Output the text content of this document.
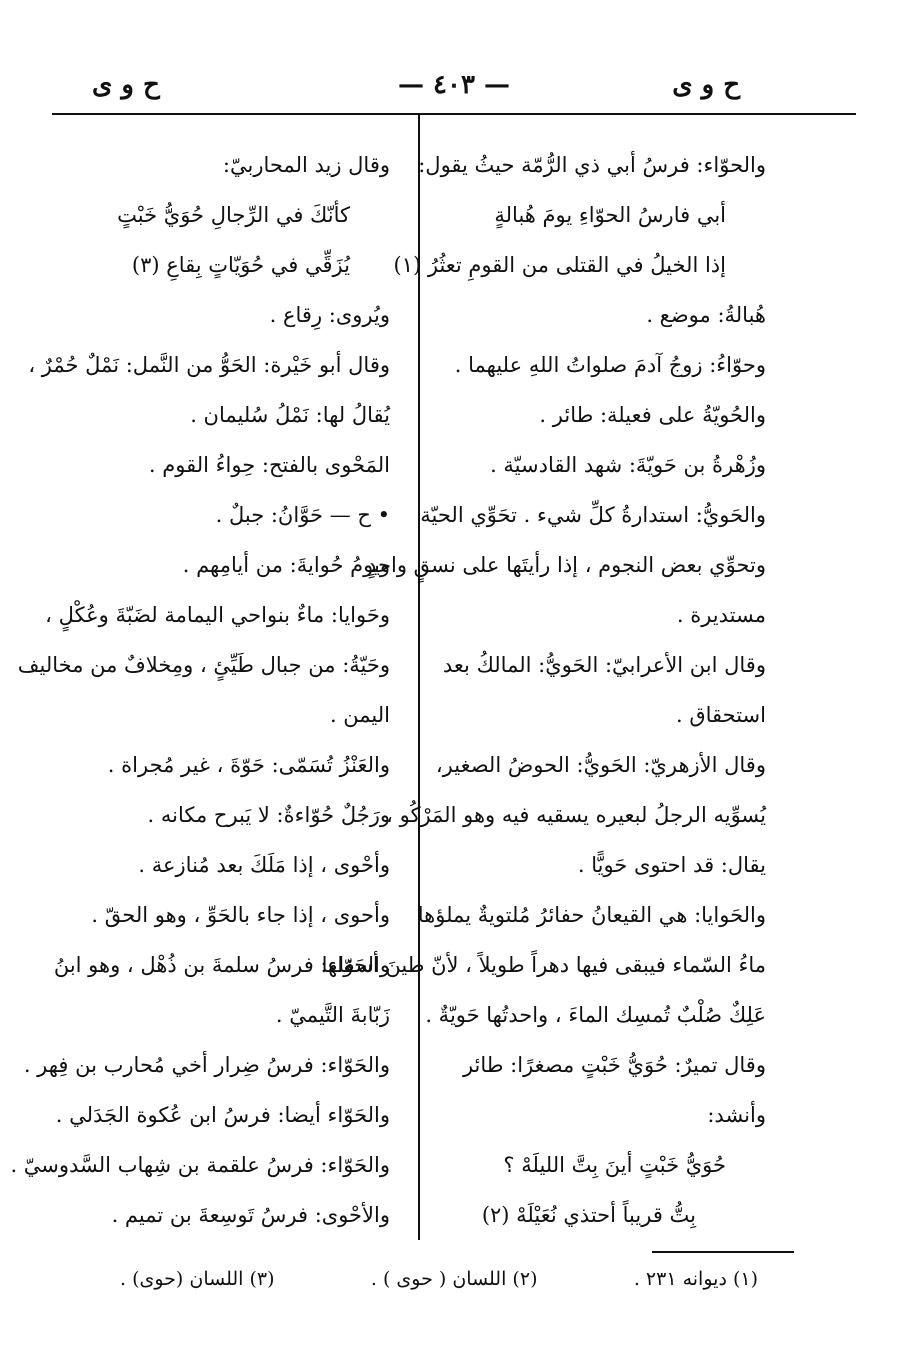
ح و ى
— ٤٠٣ —
ح و ى
والحوّاء: فرسُ أبي ذي الرُّمّة حيثُ يقول:
أبي فارسُ الحوّاءِ يومَ هُبالةٍ
إذا الخيلُ في القتلى من القومِ تعثُرُ (١)
هُبالةُ: موضع .
وحوّاءُ: زوجُ آدمَ صلواتُ اللهِ عليهما .
والحُويّةُ على فعيلة: طائر .
وزُهْرةُ بن حَويّةَ: شهد القادسيّة .
والحَويُّ: استدارةُ كلِّ شيء . تحَوِّي الحيّة
وتحوِّي بعض النجوم ، إذا رأيتَها على نسقٍ واحدٍ
مستديرة .
وقال ابن الأعرابيّ: الحَويُّ: المالكُ بعد
استحقاق .
وقال الأزهريّ: الحَويُّ: الحوضُ الصغير،
يُسوِّيه الرجلُ لبعيره يسقيه فيه وهو المَرْكُو ،
يقال: قد احتوى حَويًّا .
والحَوايا: هي القيعانُ حفائرُ مُلتويةٌ يملؤها
ماءُ السّماء فيبقى فيها دهراً طويلاً ، لأنّ طينَ أسفلها
عَلِكٌ صُلْبٌ تُمسِك الماءَ ، واحدتُها حَويّةٌ .
وقال تميرٌ: حُوَيُّ خَبْتٍ مصغرًا: طائر
وأنشد:
حُوَيُّ خَبْتٍ أينَ بِتَّ الليلَهْ ؟
بِتُّ قريباً أحتذي نُعَيْلَهْ (٢)
وقال زيد المحاربيّ:
كأنّكَ في الرِّجالِ حُوَيُّ خَبْتٍ
يُزَقِّي في حُوَيّاتٍ بِقاعِ (٣)
ويُروى: رِقاع .
وقال أبو خَيْرة: الحَوُّ من النَّمل: نَمْلٌ حُمْرٌ ،
يُقالُ لها: نَمْلُ سُليمان .
المَحْوى بالفتح: حِواءُ القوم .
• ح — حَوَّانُ: جبلٌ .
ويومُ حُوايةَ: من أيامِهم .
وحَوايا: ماءٌ بنواحي اليمامة لضَبّةَ وعُكْلٍ ،
وحَيّةُ: من جبال طَيِّئٍ ، ومِخلافٌ من مخاليف
اليمن .
والعَنْزُ تُسَمّى: حَوّةَ ، غير مُجراة .
ورَجُلٌ حُوّاءةٌ: لا يَبرح مكانه .
وأحْوى ، إذا مَلَكَ بعد مُنازعة .
وأحوى ، إذا جاء بالحَوِّ ، وهو الحقّ .
والحَوّاء: فرسُ سلمةَ بن ذُهْل ، وهو ابنُ
زَبّابةَ التَّيميّ .
والحَوّاء: فرسُ ضِرار أخي مُحارب بن فِهر .
والحَوّاء أيضا: فرسُ ابن عُكوة الجَدَلي .
والحَوّاء: فرسُ علقمة بن شِهاب السَّدوسيّ .
والأحْوى: فرسُ تَوسِعةَ بن تميم .
(١) ديوانه ٢٣١ .
(٢) اللسان ( حوى ) .
(٣) اللسان (حوى) .
